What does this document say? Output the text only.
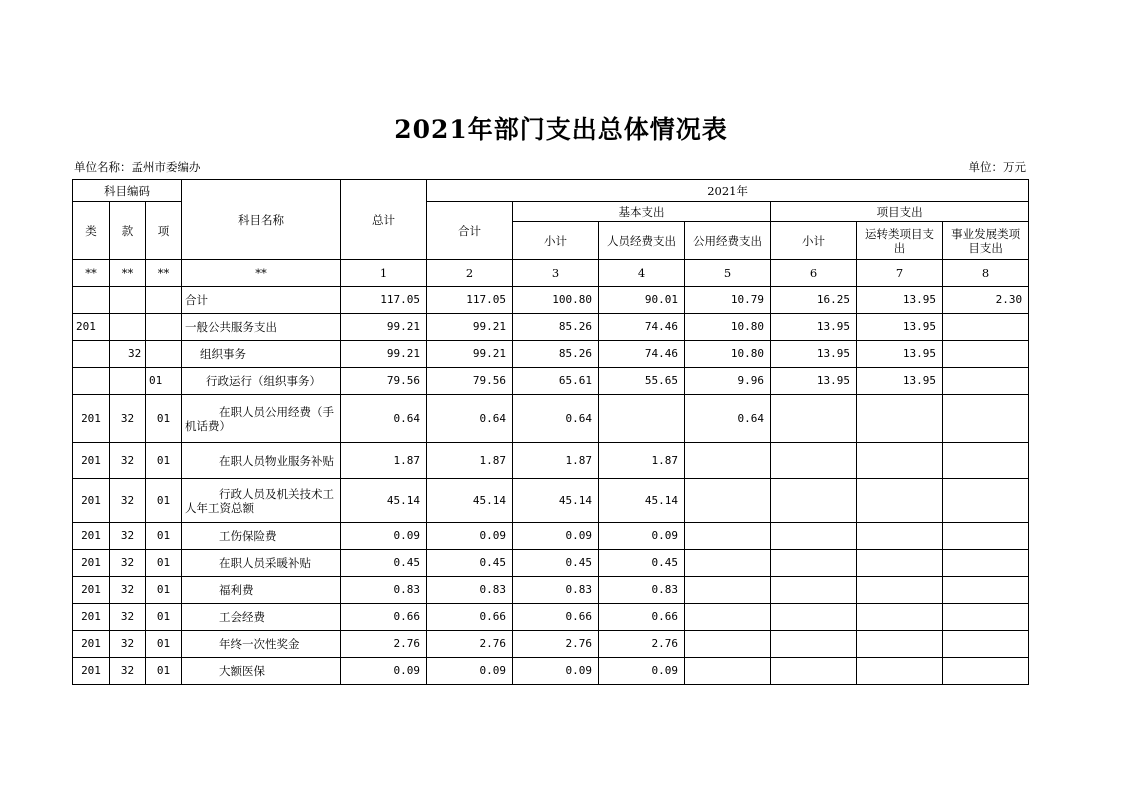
2021年部门支出总体情况表
单位名称：孟州市委编办	单位：万元
科目编码			科目名称	总计	2021年						
类	款	项			合计	基本支出			项目支出		
						小计	人员经费支出	公用经费支出	小计	运转类项目支出	事业发展类项目支出
**	**	**	**	1	2	3	4	5	6	7	8
			合计	117.05	117.05	100.80	90.01	10.79	16.25	13.95	2.30
201			一般公共服务支出	99.21	99.21	85.26	74.46	10.80	13.95	13.95	
	32		组织事务	99.21	99.21	85.26	74.46	10.80	13.95	13.95	
		01	行政运行（组织事务）	79.56	79.56	65.61	55.65	9.96	13.95	13.95	
201	32	01	在职人员公用经费（手机话费）	0.64	0.64	0.64		0.64			
201	32	01	在职人员物业服务补贴	1.87	1.87	1.87	1.87				
201	32	01	行政人员及机关技术工人年工资总额	45.14	45.14	45.14	45.14				
201	32	01	工伤保险费	0.09	0.09	0.09	0.09				
201	32	01	在职人员采暖补贴	0.45	0.45	0.45	0.45				
201	32	01	福利费	0.83	0.83	0.83	0.83				
201	32	01	工会经费	0.66	0.66	0.66	0.66				
201	32	01	年终一次性奖金	2.76	2.76	2.76	2.76				
201	32	01	大额医保	0.09	0.09	0.09	0.09				
